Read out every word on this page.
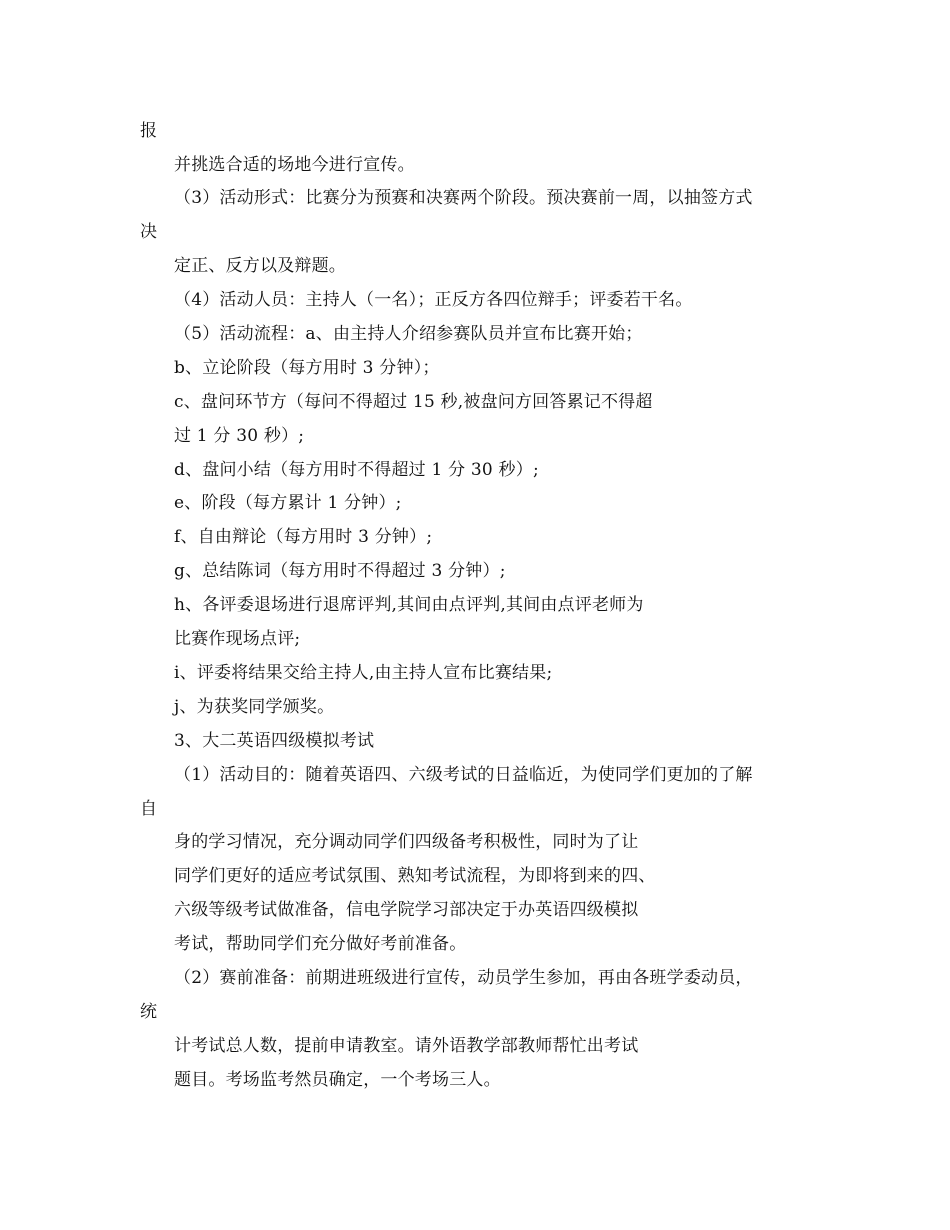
报
并挑选合适的场地今进行宣传。
（3）活动形式：比赛分为预赛和决赛两个阶段。预决赛前一周，以抽签方式
决
定正、反方以及辩题。
（4）活动人员：主持人（一名）；正反方各四位辩手；评委若干名。
（5）活动流程：a、由主持人介绍参赛队员并宣布比赛开始；
b、立论阶段（每方用时 3 分钟）；
c、盘问环节方（每问不得超过 15 秒,被盘问方回答累记不得超
过 1 分 30 秒）;
d、盘问小结（每方用时不得超过 1 分 30 秒）;
e、阶段（每方累计 1 分钟）;
f、自由辩论（每方用时 3 分钟）;
g、总结陈词（每方用时不得超过 3 分钟）;
h、各评委退场进行退席评判,其间由点评判,其间由点评老师为
比赛作现场点评;
i、评委将结果交给主持人,由主持人宣布比赛结果;
j、为获奖同学颁奖。
3、大二英语四级模拟考试
（1）活动目的：随着英语四、六级考试的日益临近，为使同学们更加的了解
自
身的学习情况，充分调动同学们四级备考积极性，同时为了让
同学们更好的适应考试氛围、熟知考试流程，为即将到来的四、
六级等级考试做准备，信电学院学习部决定于办英语四级模拟
考试，帮助同学们充分做好考前准备。
（2）赛前准备：前期进班级进行宣传，动员学生参加，再由各班学委动员，
统
计考试总人数，提前申请教室。请外语教学部教师帮忙出考试
题目。考场监考然员确定，一个考场三人。
